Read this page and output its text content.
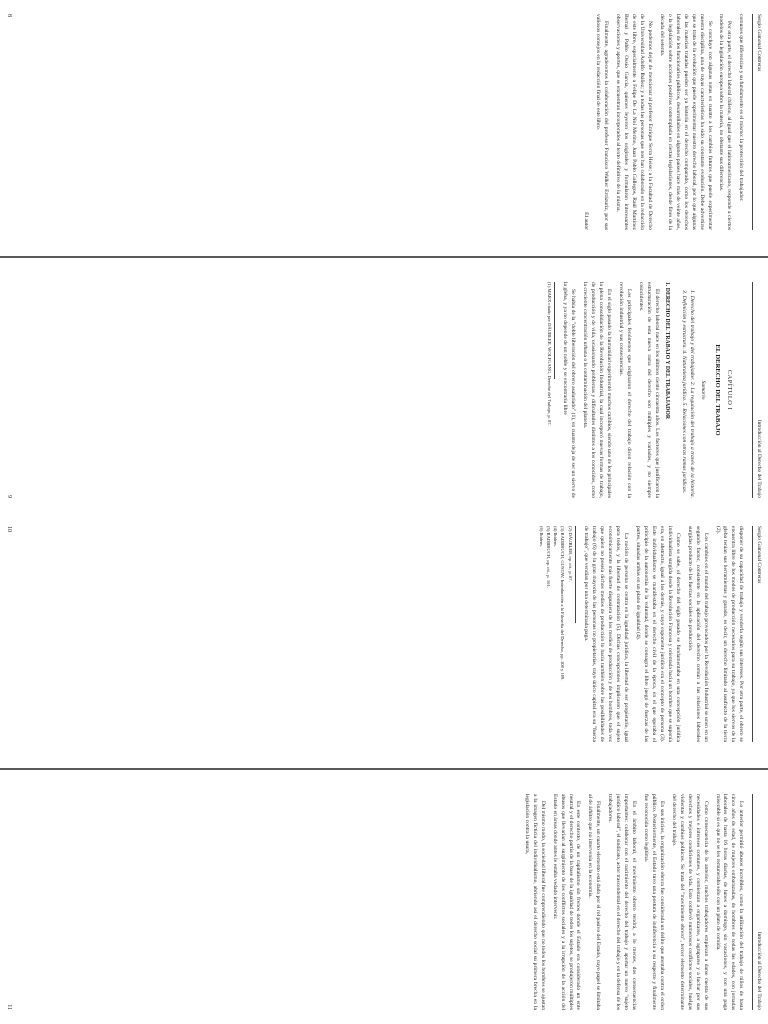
Sergio Gamonal Contreras

comunes que diferencias y su fundamento es el mismo: la protección del trabajador.

Por otra parte, el derecho laboral chileno, al igual que el latinoamericano, responde a ciertos modelos de la legislación europea sobre la materia, no obstante sus diferencias.

Se concluye con algunas notas en cuanto a los cambios futuros que puede experimentar nuestra disciplina, una de cuyas características ha sido su constante evolución. Debe advertirse que se trata de la evolución que puede experimentar nuestro derecho laboral, por lo que algunas de las materias tratadas pueden ser ya historia en el derecho comparado, como los derechos laborales de los funcionarios públicos, desarrollados en algunos países hace más de veinte años, o la legislación sobre acciones positivas contemplada en ciertas legislaciones, desde fines de la década del setenta.

No podemos dejar de mencionar al profesor Enrique Serra Heise; a la Facultad de Derecho de la Universidad Adolfo Ibáñez; y a todas las personas que nos han colaborado en la redacción de este libro, especialmente a Felipe De La Noi Merino, Juan Pablo Gallegos, Raúl Martínez Bernal y Pablo Ossio García, quienes leyeron los originales y formularon interesantes observaciones y aportes, que se encuentran incorporados al texto definitivo de la misma.

Finalmente, agradecemos la colaboración del profesor Francisco Walker Errázuriz, por sus valiosos consejos en la redacción final de este libro.

El autor

8
Introducción al Derecho del Trabajo
CAPÍTULO I
EL DERECHO DEL TRABAJO
Sumario
1. Derecho del trabajo y del trabajador. 2. La regulación del trabajo a través de la historia. 3. Definición y estructura. 4. Naturaleza jurídica. 5. Relaciones con otras ramas jurídicas.
1. DERECHO DEL TRABAJO Y DEL TRABAJADOR

El derecho laboral nace en los últimos ciento cincuenta años. Los factores que justificaron la estructuración de esta nueva rama del derecho son múltiples y variados, y no siempre coincidentes.

Los principales fenómenos que originaron el derecho del trabajo dicen relación con la revolución industrial y sus consecuencias.

En el siglo pasado la humanidad experimentó muchos cambios, siendo uno de los principales la plena consolidación de la Revolución Industrial, la cual incorporó nuevas formas de trabajo, de producción y de vida, ocasionando problemas y dificultades distintos a los conocidos, como la creciente concentración urbana o la contaminación del planeta.

Se había de la "doble liberación del obrero asalariado" (1), en cuanto deja de ser un siervo de la gleba, y ya no depende de un noble y se encontraría libre

(1) MARX citado por DÄUBLER, WOLFGANG, Derecho del Trabajo, p. 87.
9
Sergio Gamonal Contreras

disponer de su capacidad de trabajo y venderla según sus intereses. Por otra parte, el obrero se encuentra libre de los modos de producción necesarios para su trabajo, ya que los siervos de la gleba tenían sus herramientas y ganado, es decir, un derecho limitado al usufructo de la tierra (2).

Los cambios en el mundo del trabajo provocados por la Revolución Industrial se unen en un segundo factor, consistente en la aplicación del derecho común a las relaciones laborales surgidas producto de las fuerzas sociales de producción.

Como se sabe, el derecho del siglo pasado se fundamentaba en una concepción jurídica individualista surgida desde la Revolución Francesa y orientada hacia un hombre que se suponía era, en abstracto, igual a los demás, y cuyo exponente jurídico era el concepto de persona (3). Este individualismo se manifestaba en el derecho civil de la época, en el que operaba el principio de la autonomía de la voluntad, donde se consagra el libre juego de fuerzas de las partes, situadas ambas en un plano de igualdad (4).

La noción de persona se centra en la igualdad jurídica, la libertad de ser propietario, igual para todos, y la libertad de contratación (5). Dichas concepciones implicaron que el sujeto económicamente más fuerte dispusiera de los medios de producción y de los hombres, toda vez que quien no poseía dichos medios de producción lo hacía también sobre las posibilidades de trabajo (6) de la gran mayoría de las personas no propietarias, cuyo único capital era su "fuerza de trabajo", que vendían por una determinada paga.

(2) DÄUBLER, op. cit., p. 87.
(3) RADBRUCH, GUSTAV, Introducción a la Filosofía del Derecho, pp. 108 y 109.
(4) Ibídem.
(5) RADBRUCH, op. cit., p. 161.
(6) Ibídem.
10
Introducción al Derecho del Trabajo

Lo anterior permitió abusos increíbles, como la utilización del trabajo de niños de hasta cinco años de edad, de mujeres embarazadas, de hombres de todas las edades, con jornadas laborales de hasta 16 horas diarias, de lunes a domingo, sin vacaciones, y con una paga miserable si es que no se les remuneraba sólo con un plato de comida.

Como consecuencia de lo anterior, muchos trabajadores empiezan a darse cuenta de sus necesidades e intereses comunes, y comienzan a organizarse, a agruparse y a luchar por sus derechos y mejores condiciones de vida. Esto conllevó numerosos conflictos sociales, huelgas violentas y cambios políticos. Se trata del "movimiento obrero", tercer elemento determinante del derecho del trabajo.

En sus inicios, la organización obrera fue considerada un delito que atentaba contra el orden público. Posteriormente, el Estado tuvo una postura de indiferencia a su respecto y finalmente fue reconocida como legítima.

En el ámbito laboral, el movimiento obrero tendrá, a lo menos, dos consecuencias importantes: colaborar con el nacimiento del derecho del trabajo y aportar un nuevo "sujeto jurídico laboral", el sindicato, actor trascendental en el derecho del trabajo y en la defensa de los trabajadores.

Finalmente, un cuarto elemento está dado por el rol pasivo del Estado, cuyo papel se limitaba al de árbitro que no intervenía en la economía.

En este contexto, de un capitalismo sin frenos donde el Estado era considerado un ente neutral y el derecho partía de la base de la igualdad de todos los sujetos, se produjeron múltiples abusos que llevarían al surgimiento de los conflictos sociales y a la irrupción de la acción del Estado en áreas donde antes le estaba vedado intervenir.

Del mismo modo, la sociedad liberal fue comprendiendo que no todos los hombres se ajustan a la imagen ficticia del individualismo, abriendo así el derecho social su primera brecha en la legislación contra la usura,

11
